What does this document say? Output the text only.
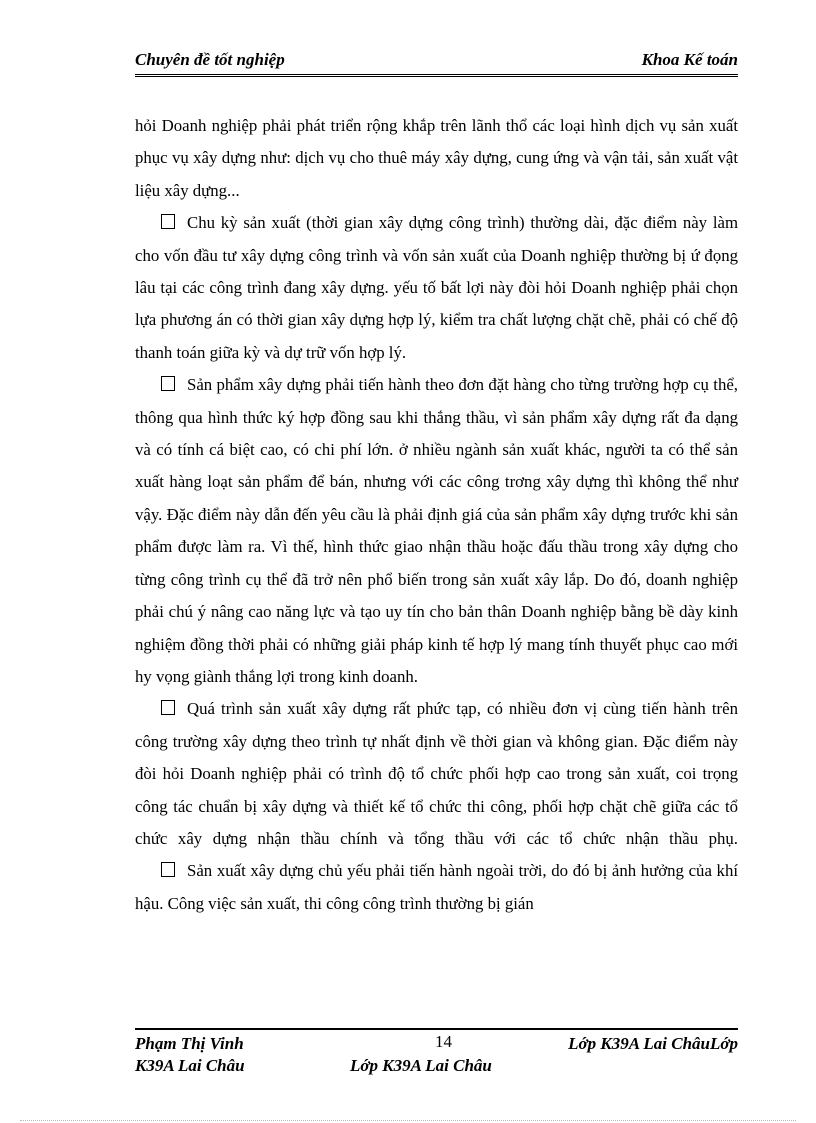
Chuyên đề tốt nghiệp	Khoa Kế toán

hỏi Doanh nghiệp phải phát triển rộng khắp trên lãnh thổ các loại hình dịch vụ sản xuất phục vụ xây dựng như: dịch vụ cho thuê máy xây dựng, cung ứng và vận tải, sản xuất vật liệu xây dựng...

Chu kỳ sản xuất (thời gian xây dựng công trình) thường dài, đặc điểm này làm cho vốn đầu tư xây dựng công trình và vốn sản xuất của Doanh nghiệp thường bị ứ đọng lâu tại các công trình đang xây dựng. yếu tố bất lợi này đòi hỏi Doanh nghiệp phải chọn lựa phương án có thời gian xây dựng hợp lý, kiểm tra chất lượng chặt chẽ, phải có chế độ thanh toán giữa kỳ và dự trữ vốn hợp lý.

Sản phẩm xây dựng phải tiến hành theo đơn đặt hàng cho từng trường hợp cụ thể, thông qua hình thức ký hợp đồng sau khi thắng thầu, vì sản phẩm xây dựng rất đa dạng và có tính cá biệt cao, có chi phí lớn. ở nhiều ngành sản xuất khác, người ta có thể sản xuất hàng loạt sản phẩm để bán, nhưng với các công trơng xây dựng thì không thể như vậy. Đặc điểm này dẫn đến yêu cầu là phải định giá của sản phẩm xây dựng trước khi sản phẩm được làm ra. Vì thế, hình thức giao nhận thầu hoặc đấu thầu trong xây dựng cho từng công trình cụ thể đã trở nên phổ biến trong sản xuất xây lắp. Do đó, doanh nghiệp phải chú ý nâng cao năng lực và tạo uy tín cho bản thân Doanh nghiệp bằng bề dày kinh nghiệm đồng thời phải có những giải pháp kinh tế hợp lý mang tính thuyết phục cao mới hy vọng giành thắng lợi trong kinh doanh.

Quá trình sản xuất xây dựng rất phức tạp, có nhiều đơn vị cùng tiến hành trên công trường xây dựng theo trình tự nhất định về thời gian và không gian. Đặc điểm này đòi hỏi Doanh nghiệp phải có trình độ tổ chức phối hợp cao trong sản xuất, coi trọng công tác chuẩn bị xây dựng và thiết kế tổ chức thi công, phối hợp chặt chẽ giữa các tổ chức xây dựng nhận thầu chính và tổng thầu với các tổ chức nhận thầu phụ.

Sản xuất xây dựng chủ yếu phải tiến hành ngoài trời, do đó bị ảnh hưởng của khí hậu. Công việc sản xuất, thi công công trình thường bị gián

Phạm Thị Vinh	14	Lớp K39A Lai ChâuLớp
K39A Lai Châu	Lớp K39A Lai Châu
